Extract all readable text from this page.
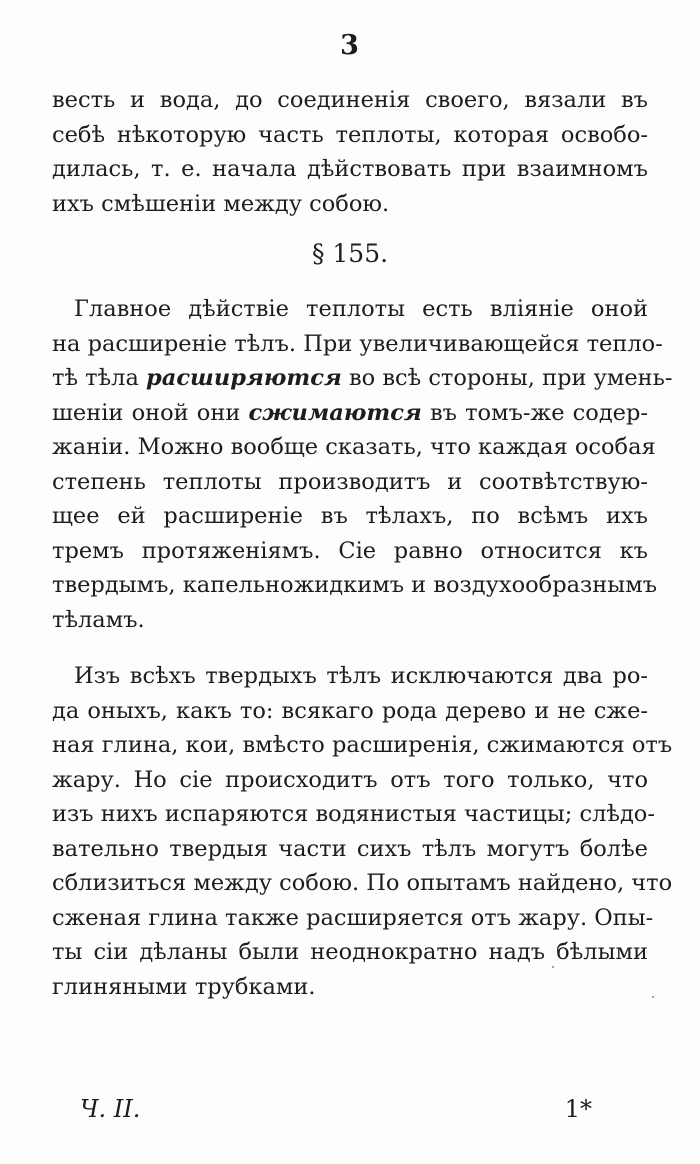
3
весть и вода, до соединенія своего, вязали въ
себѣ нѣкоторую часть теплоты, которая освобо-
дилась, т. е. начала дѣйствовать при взаимномъ
ихъ смѣшеніи между собою.
§ 155.
Главное дѣйствіе теплоты есть вліяніе оной
на расширеніе тѣлъ. При увеличивающейся тепло-
тѣ тѣла расширяются во всѣ стороны, при умень-
шеніи оной они сжимаются въ томъ-же содер-
жаніи. Можно вообще сказать, что каждая особая
степень теплоты производитъ и соотвѣтствую-
щее ей расширеніе въ тѣлахъ, по всѣмъ ихъ
тремъ протяженіямъ. Сіе равно относится къ
твердымъ, капельножидкимъ и воздухообразнымъ
тѣламъ.
Изъ всѣхъ твердыхъ тѣлъ исключаются два ро-
да оныхъ, какъ то: всякаго рода дерево и не сже-
ная глина, кои, вмѣсто расширенія, сжимаются отъ
жару. Но сіе происходитъ отъ того только, что
изъ нихъ испаряются водянистыя частицы; слѣдо-
вательно твердыя части сихъ тѣлъ могутъ болѣе
сблизиться между собою. По опытамъ найдено, что
сженая глина также расширяется отъ жару. Опы-
ты сіи дѣланы были неоднократно надъ бѣлыми
глиняными трубками.
Ч. II.	1*
